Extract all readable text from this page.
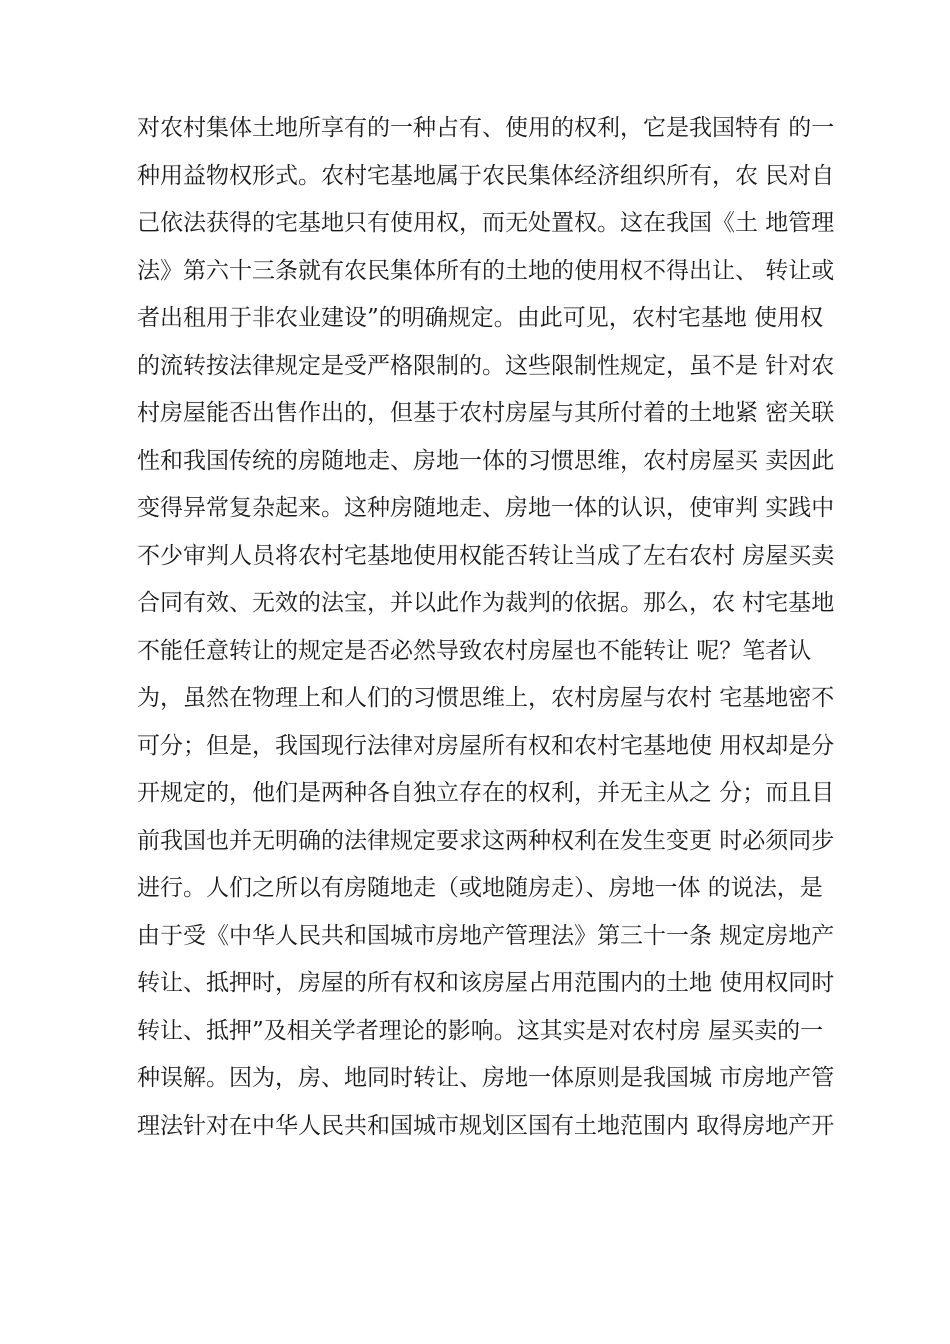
对农村集体土地所享有的一种占有、使用的权利，它是我国特有 的一
种用益物权形式。农村宅基地属于农民集体经济组织所有，农 民对自
己依法获得的宅基地只有使用权，而无处置权。这在我国《土 地管理
法》第六十三条就有农民集体所有的土地的使用权不得出让、 转让或
者出租用于非农业建设”的明确规定。由此可见，农村宅基地 使用权
的流转按法律规定是受严格限制的。这些限制性规定，虽不是 针对农
村房屋能否出售作出的，但基于农村房屋与其所付着的土地紧 密关联
性和我国传统的房随地走、房地一体的习惯思维，农村房屋买 卖因此
变得异常复杂起来。这种房随地走、房地一体的认识，使审判 实践中
不少审判人员将农村宅基地使用权能否转让当成了左右农村 房屋买卖
合同有效、无效的法宝，并以此作为裁判的依据。那么，农 村宅基地
不能任意转让的规定是否必然导致农村房屋也不能转让 呢？笔者认
为，虽然在物理上和人们的习惯思维上，农村房屋与农村 宅基地密不
可分；但是，我国现行法律对房屋所有权和农村宅基地使 用权却是分
开规定的，他们是两种各自独立存在的权利，并无主从之 分；而且目
前我国也并无明确的法律规定要求这两种权利在发生变更 时必须同步
进行。人们之所以有房随地走（或地随房走）、房地一体 的说法，是
由于受《中华人民共和国城市房地产管理法》第三十一条 规定房地产
转让、抵押时，房屋的所有权和该房屋占用范围内的土地 使用权同时
转让、抵押”及相关学者理论的影响。这其实是对农村房 屋买卖的一
种误解。因为，房、地同时转让、房地一体原则是我国城 市房地产管
理法针对在中华人民共和国城市规划区国有土地范围内 取得房地产开
